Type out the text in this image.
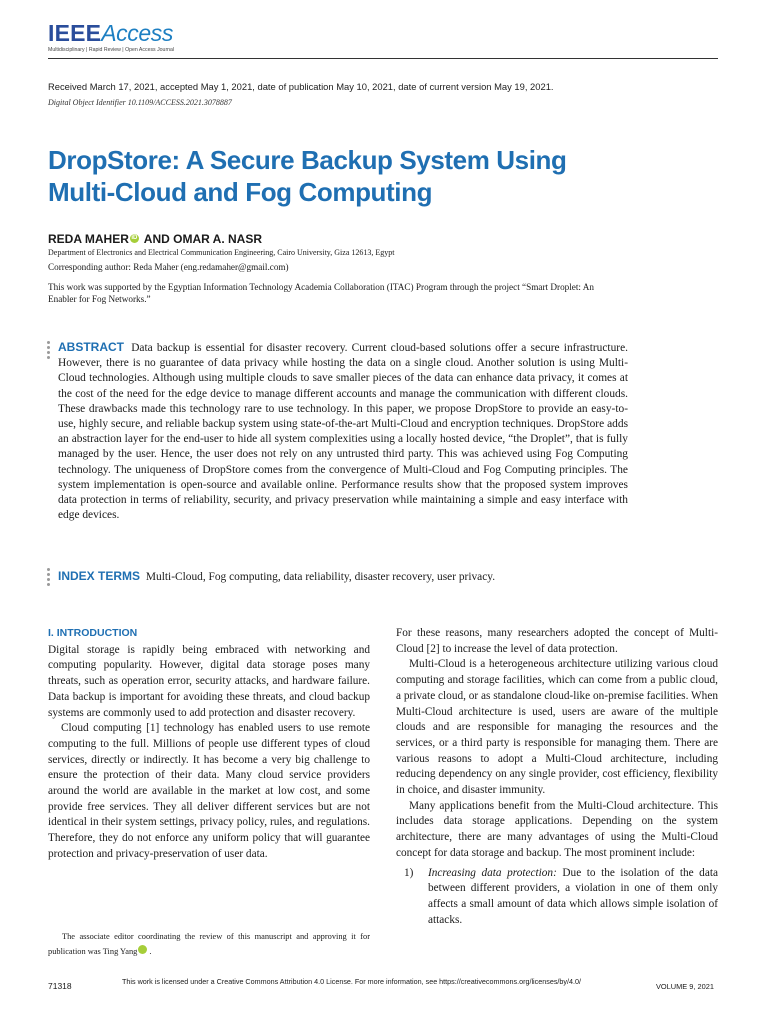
IEEEAccess
Multidisciplinary | Rapid Review | Open Access Journal
Received March 17, 2021, accepted May 1, 2021, date of publication May 10, 2021, date of current version May 19, 2021.
Digital Object Identifier 10.1109/ACCESS.2021.3078887
DropStore: A Secure Backup System Using
Multi-Cloud and Fog Computing
REDA MAHER iD AND OMAR A. NASR
Department of Electronics and Electrical Communication Engineering, Cairo University, Giza 12613, Egypt
Corresponding author: Reda Maher (eng.redamaher@gmail.com)
This work was supported by the Egyptian Information Technology Academia Collaboration (ITAC) Program through the project “Smart Droplet: An Enabler for Fog Networks.”
ABSTRACT Data backup is essential for disaster recovery. Current cloud-based solutions offer a secure infrastructure. However, there is no guarantee of data privacy while hosting the data on a single cloud. Another solution is using Multi-Cloud technologies. Although using multiple clouds to save smaller pieces of the data can enhance data privacy, it comes at the cost of the need for the edge device to manage different accounts and manage the communication with different clouds. These drawbacks made this technology rare to use technology. In this paper, we propose DropStore to provide an easy-to-use, highly secure, and reliable backup system using state-of-the-art Multi-Cloud and encryption techniques. DropStore adds an abstraction layer for the end-user to hide all system complexities using a locally hosted device, “the Droplet”, that is fully managed by the user. Hence, the user does not rely on any untrusted third party. This was achieved using Fog Computing technology. The uniqueness of DropStore comes from the convergence of Multi-Cloud and Fog Computing principles. The system implementation is open-source and available online. Performance results show that the proposed system improves data protection in terms of reliability, security, and privacy preservation while maintaining a simple and easy interface with edge devices.
INDEX TERMS Multi-Cloud, Fog computing, data reliability, disaster recovery, user privacy.
I. INTRODUCTION

Digital storage is rapidly being embraced with networking and computing popularity. However, digital data storage poses many threats, such as operation error, security attacks, and hardware failure. Data backup is important for avoiding these threats, and cloud backup systems are commonly used to add protection and disaster recovery.

Cloud computing [1] technology has enabled users to use remote computing to the full. Millions of people use different types of cloud services, directly or indirectly. It has become a very big challenge to ensure the protection of their data. Many cloud service providers around the world are available in the market at low cost, and some provide free services. They all deliver different services but are not identical in their system settings, privacy policy, rules, and regulations. Therefore, they do not enforce any uniform policy that will guarantee protection and privacy-preservation of user data.

For these reasons, many researchers adopted the concept of Multi-Cloud [2] to increase the level of data protection.

Multi-Cloud is a heterogeneous architecture utilizing various cloud computing and storage facilities, which can come from a public cloud, a private cloud, or as standalone cloud-like on-premise facilities. When Multi-Cloud architecture is used, users are aware of the multiple clouds and are responsible for managing the resources and the services, or a third party is responsible for managing them. There are various reasons to adopt a Multi-Cloud architecture, including reducing dependency on any single provider, cost efficiency, flexibility in choice, and disaster immunity.

Many applications benefit from the Multi-Cloud architecture. This includes data storage applications. Depending on the system architecture, there are many advantages of using the Multi-Cloud concept for data storage and backup. The most prominent include:

1)	Increasing data protection: Due to the isolation of the data between different providers, a violation in one of them only affects a small amount of data which allows simple isolation of attacks.

The associate editor coordinating the review of this manuscript and approving it for publication was Ting Yang	iD.

71318	This work is licensed under a Creative Commons Attribution 4.0 License. For more information, see https://creativecommons.org/licenses/by/4.0/
VOLUME 9, 2021
